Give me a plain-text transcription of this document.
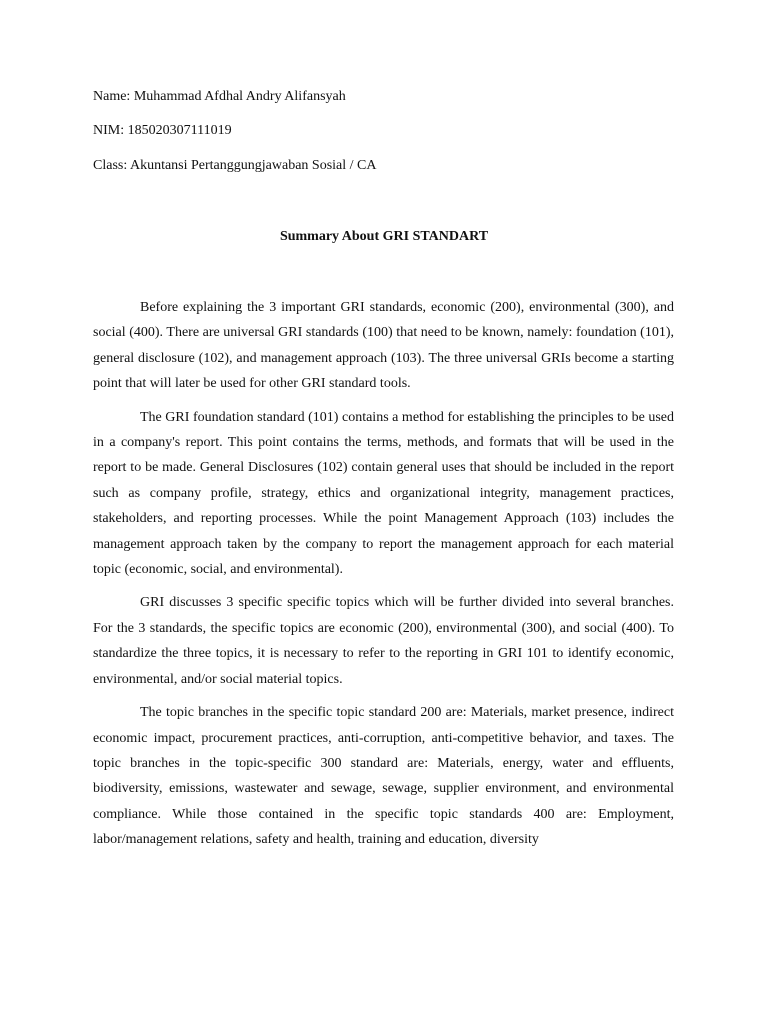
Name: Muhammad Afdhal Andry Alifansyah
NIM: 185020307111019
Class: Akuntansi Pertanggungjawaban Sosial / CA
Summary About GRI STANDART

Before explaining the 3 important GRI standards, economic (200), environmental (300), and social (400). There are universal GRI standards (100) that need to be known, namely: foundation (101), general disclosure (102), and management approach (103). The three universal GRIs become a starting point that will later be used for other GRI standard tools.

The GRI foundation standard (101) contains a method for establishing the principles to be used in a company's report. This point contains the terms, methods, and formats that will be used in the report to be made. General Disclosures (102) contain general uses that should be included in the report such as company profile, strategy, ethics and organizational integrity, management practices, stakeholders, and reporting processes. While the point Management Approach (103) includes the management approach taken by the company to report the management approach for each material topic (economic, social, and environmental).

GRI discusses 3 specific specific topics which will be further divided into several branches. For the 3 standards, the specific topics are economic (200), environmental (300), and social (400). To standardize the three topics, it is necessary to refer to the reporting in GRI 101 to identify economic, environmental, and/or social material topics.

The topic branches in the specific topic standard 200 are: Materials, market presence, indirect economic impact, procurement practices, anti-corruption, anti-competitive behavior, and taxes. The topic branches in the topic-specific 300 standard are: Materials, energy, water and effluents, biodiversity, emissions, wastewater and sewage, sewage, supplier environment, and environmental compliance. While those contained in the specific topic standards 400 are: Employment, labor/management relations, safety and health, training and education, diversity
